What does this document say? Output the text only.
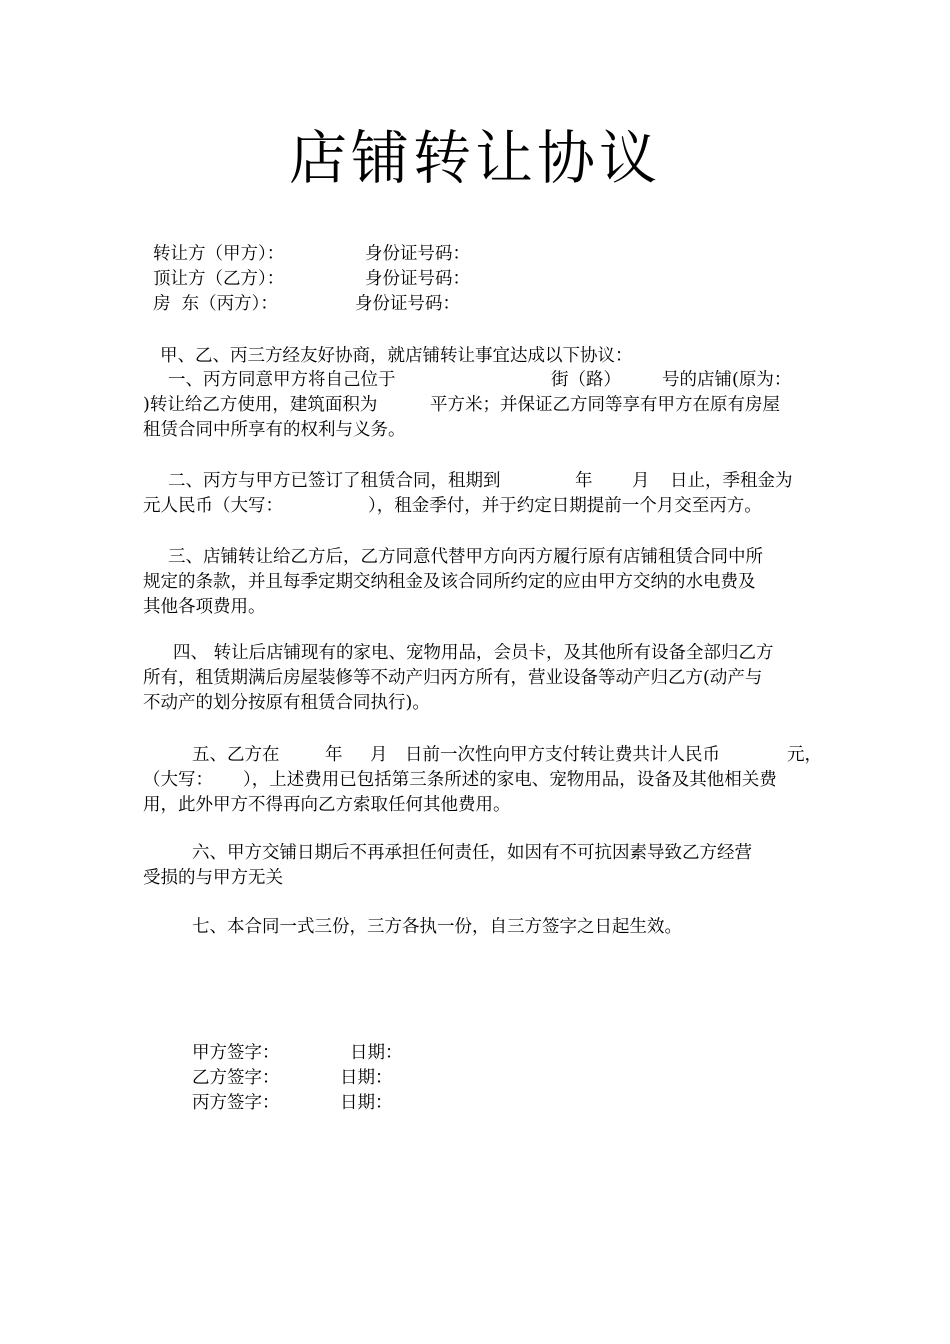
店铺转让协议
转让方（甲方）：	身份证号码：
顶让方（乙方）：	身份证号码：
房  东（丙方）：	身份证号码：
甲、乙、丙三方经友好协商，就店铺转让事宜达成以下协议：
一、丙方同意甲方将自己位于	街（路） 号的店铺(原为：
)转让给乙方使用，建筑面积为	平方米；并保证乙方同等享有甲方在原有房屋
租赁合同中所享有的权利与义务。
二、丙方与甲方已签订了租赁合同，租期到	年 月 日止，季租金为
元人民币（大写：	），租金季付，并于约定日期提前一个月交至丙方。
三、店铺转让给乙方后，乙方同意代替甲方向丙方履行原有店铺租赁合同中所
规定的条款，并且每季定期交纳租金及该合同所约定的应由甲方交纳的水电费及
其他各项费用。
四、 转让后店铺现有的家电、宠物用品，会员卡，及其他所有设备全部归乙方
所有，租赁期满后房屋装修等不动产归丙方所有，营业设备等动产归乙方(动产与
不动产的划分按原有租赁合同执行)。
五、乙方在	年 月 日前一次性向甲方支付转让费共计人民币	元，
（大写： ），上述费用已包括第三条所述的家电、宠物用品，设备及其他相关费
用，此外甲方不得再向乙方索取任何其他费用。
六、甲方交铺日期后不再承担任何责任，如因有不可抗因素导致乙方经营
受损的与甲方无关
七、本合同一式三份，三方各执一份，自三方签字之日起生效。
甲方签字：	日期：
乙方签字：	日期：
丙方签字：	日期：
